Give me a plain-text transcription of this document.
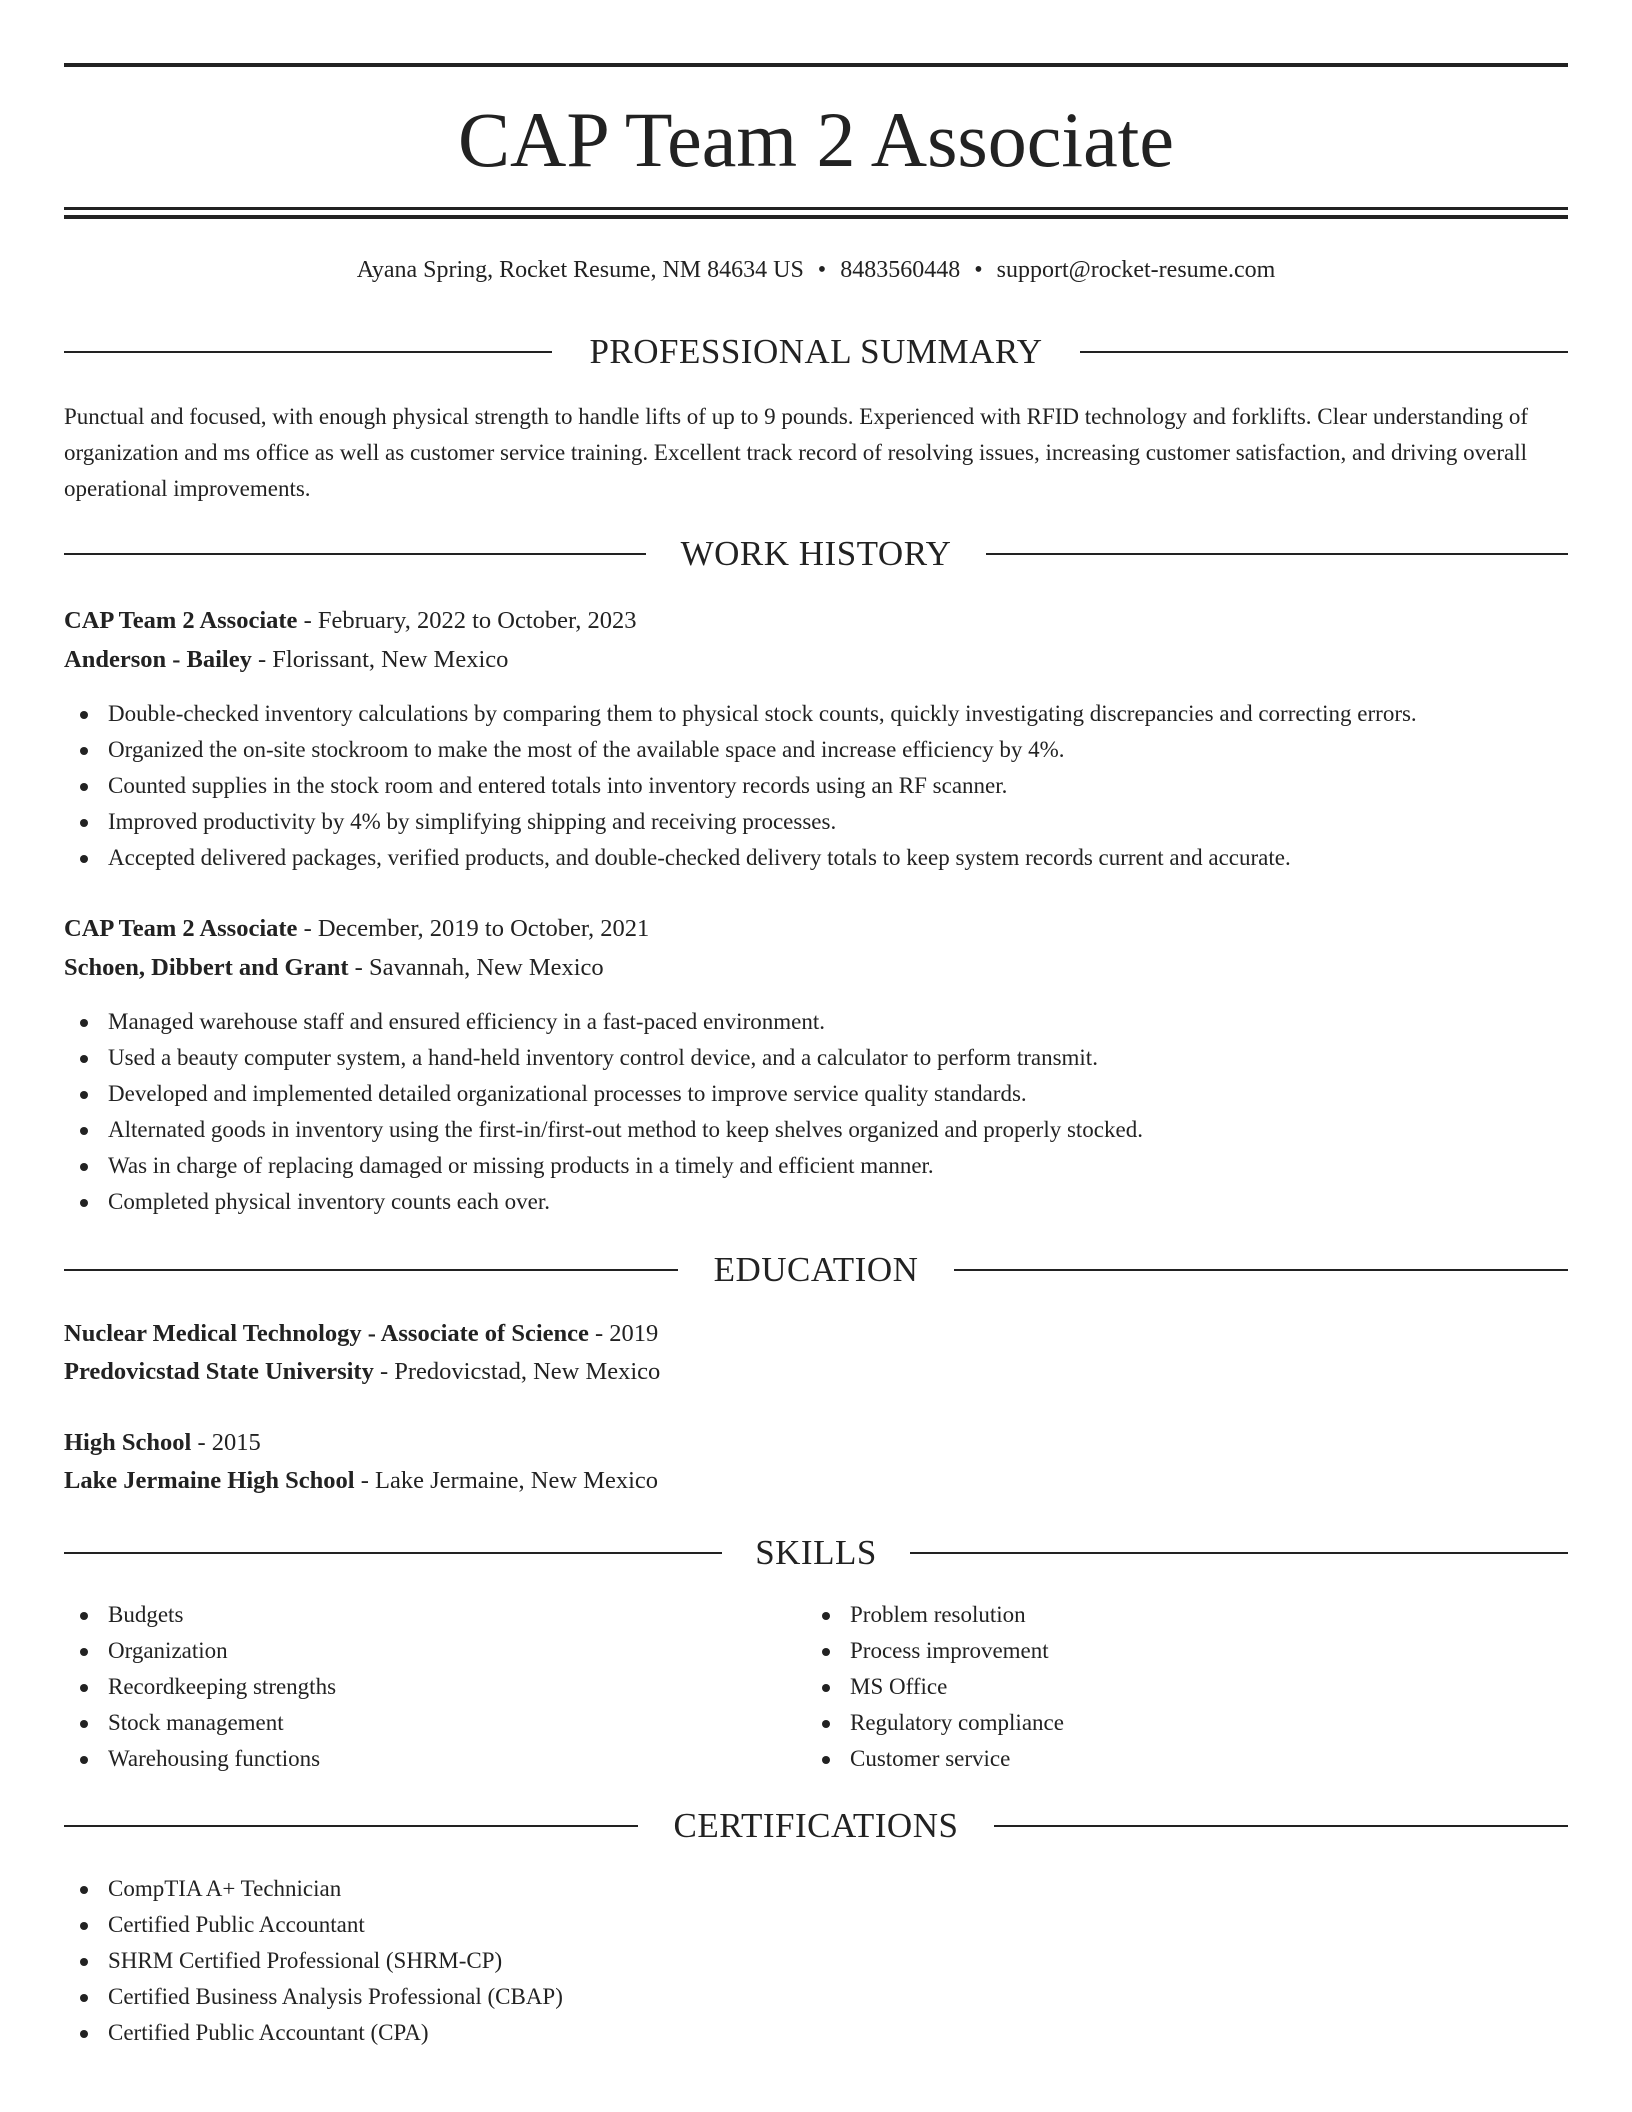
CAP Team 2 Associate
Ayana Spring, Rocket Resume, NM 84634 US • 8483560448 • support@rocket-resume.com
PROFESSIONAL SUMMARY

Punctual and focused, with enough physical strength to handle lifts of up to 9 pounds. Experienced with RFID technology and forklifts. Clear understanding of organization and ms office as well as customer service training. Excellent track record of resolving issues, increasing customer satisfaction, and driving overall operational improvements.

WORK HISTORY
CAP Team 2 Associate - February, 2022 to October, 2023
Anderson - Bailey - Florissant, New Mexico
Double-checked inventory calculations by comparing them to physical stock counts, quickly investigating discrepancies and correcting errors.
Organized the on-site stockroom to make the most of the available space and increase efficiency by 4%.
Counted supplies in the stock room and entered totals into inventory records using an RF scanner.
Improved productivity by 4% by simplifying shipping and receiving processes.
Accepted delivered packages, verified products, and double-checked delivery totals to keep system records current and accurate.
CAP Team 2 Associate - December, 2019 to October, 2021
Schoen, Dibbert and Grant - Savannah, New Mexico
Managed warehouse staff and ensured efficiency in a fast-paced environment.
Used a beauty computer system, a hand-held inventory control device, and a calculator to perform transmit.
Developed and implemented detailed organizational processes to improve service quality standards.
Alternated goods in inventory using the first-in/first-out method to keep shelves organized and properly stocked.
Was in charge of replacing damaged or missing products in a timely and efficient manner.
Completed physical inventory counts each over.
EDUCATION
Nuclear Medical Technology - Associate of Science - 2019
Predovicstad State University - Predovicstad, New Mexico
High School - 2015
Lake Jermaine High School - Lake Jermaine, New Mexico
SKILLS
Budgets
Organization
Recordkeeping strengths
Stock management
Warehousing functions
Problem resolution
Process improvement
MS Office
Regulatory compliance
Customer service
CERTIFICATIONS
CompTIA A+ Technician
Certified Public Accountant
SHRM Certified Professional (SHRM-CP)
Certified Business Analysis Professional (CBAP)
Certified Public Accountant (CPA)
